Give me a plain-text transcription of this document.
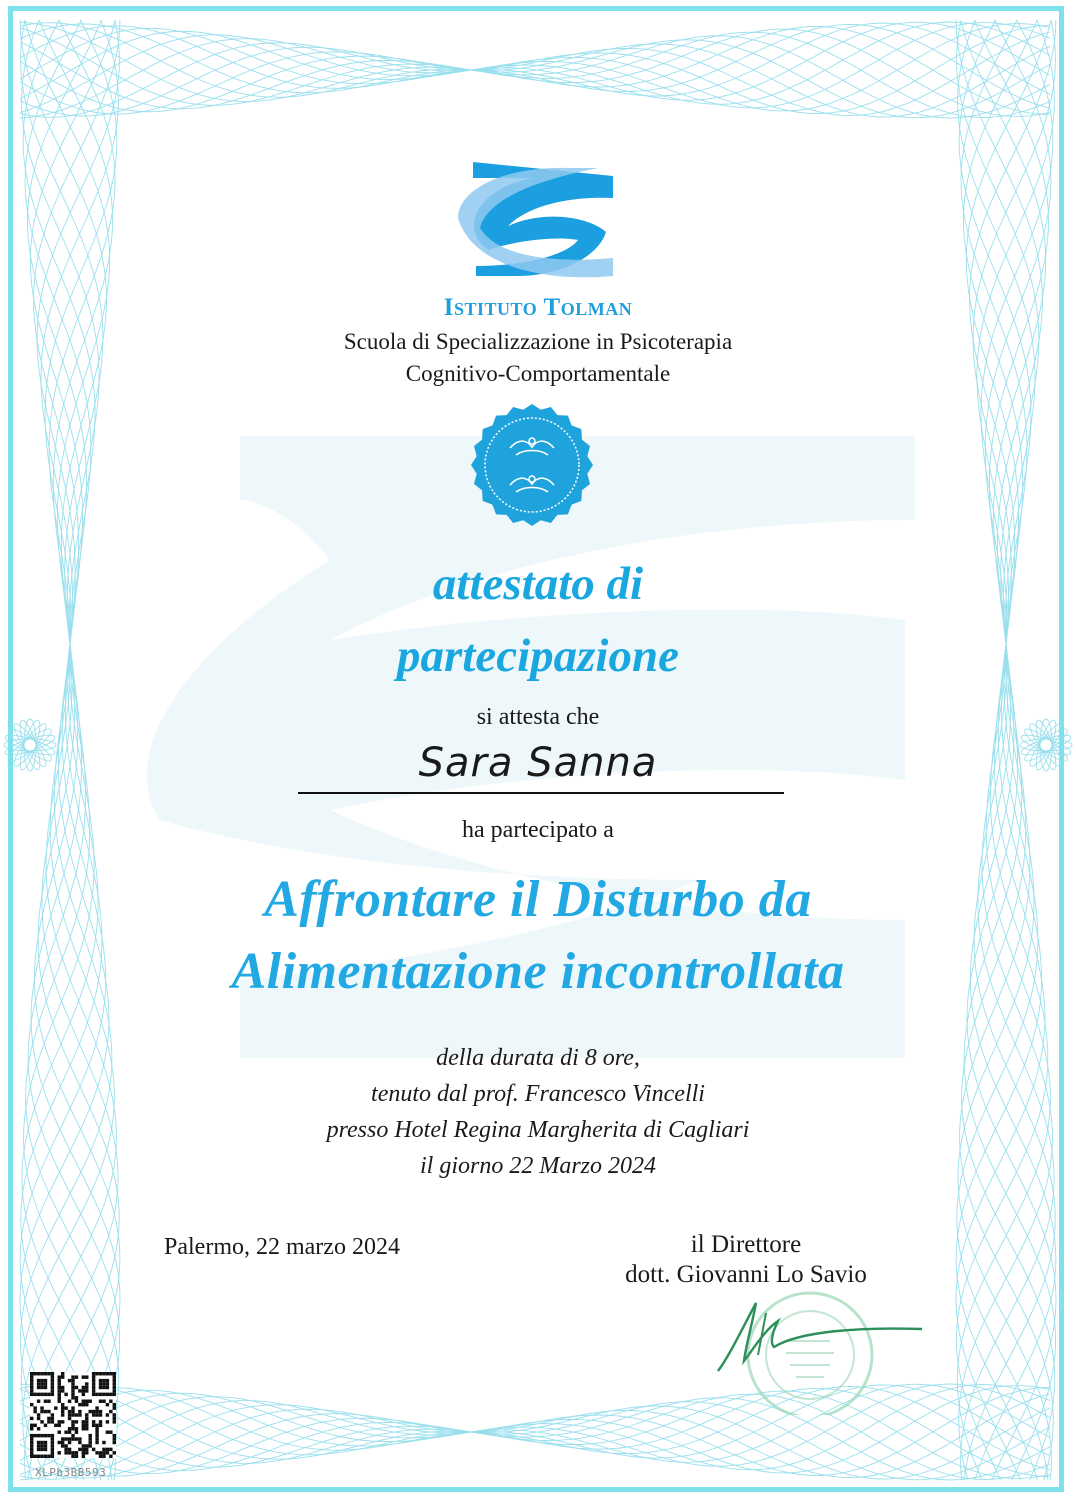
Istituto Tolman
Scuola di Specializzazione in Psicoterapia
Cognitivo-Comportamentale
attestato di
partecipazione
si attesta che
Sara Sanna
ha partecipato a
Affrontare il Disturbo da
Alimentazione incontrollata
della durata di 8 ore,
tenuto dal prof. Francesco Vincelli
presso Hotel Regina Margherita di Cagliari
il giorno 22 Marzo 2024
Palermo, 22 marzo 2024	il Direttore
dott. Giovanni Lo Savio
XLPb3BB593
